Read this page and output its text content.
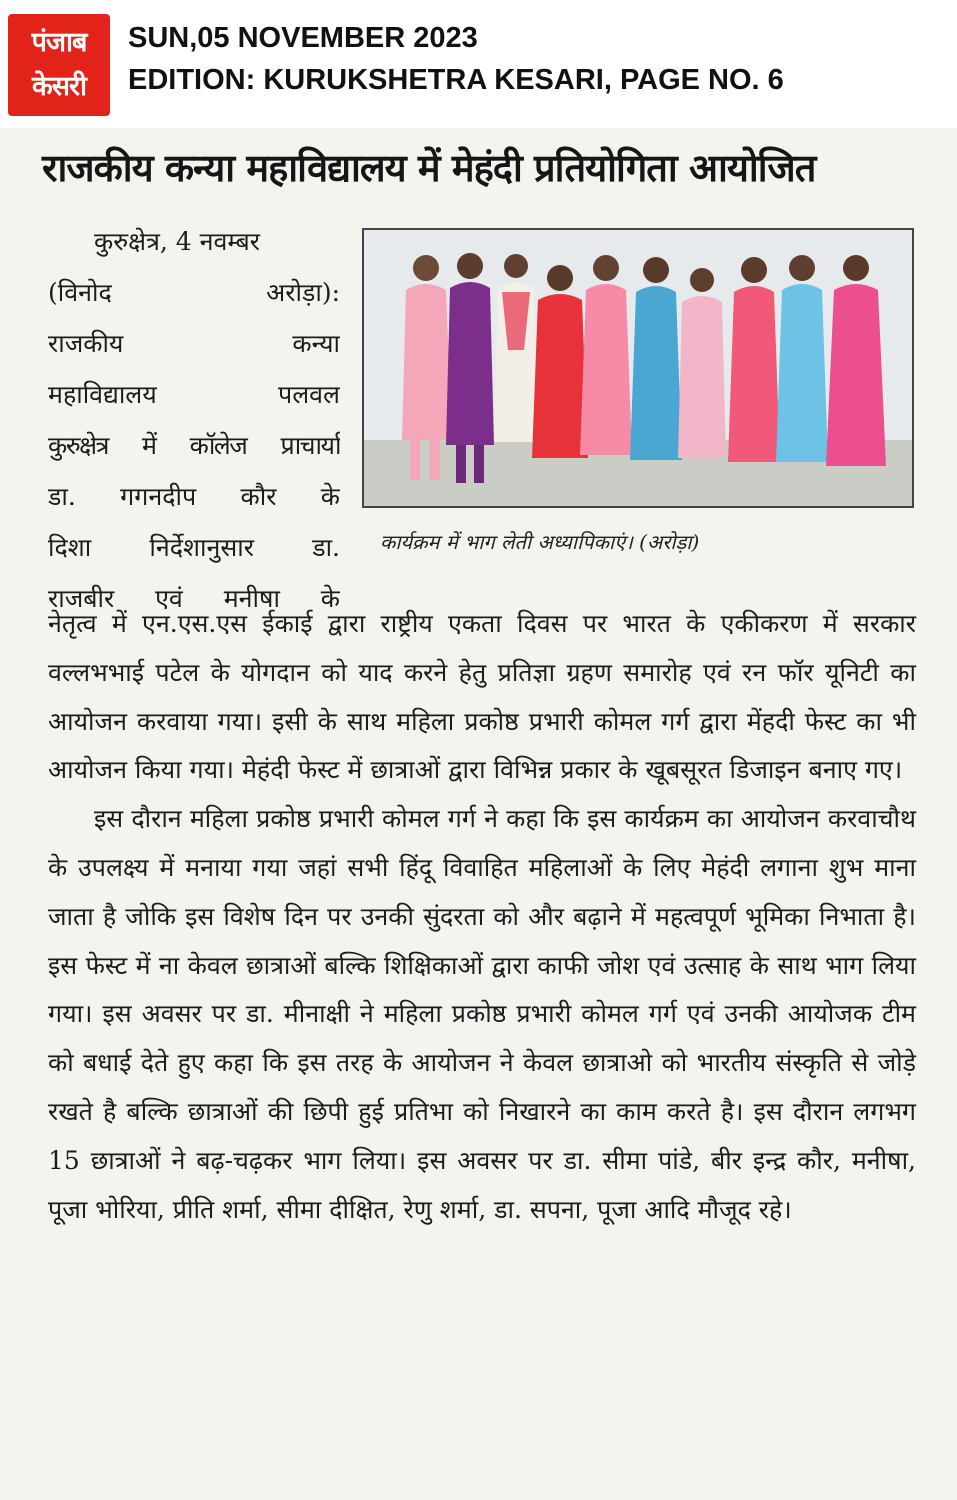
पंजाब
केसरी
SUN,05 NOVEMBER 2023
EDITION: KURUKSHETRA KESARI, PAGE NO. 6
राजकीय कन्या महाविद्यालय में मेहंदी प्रतियोगिता आयोजित
कुरुक्षेत्र, 4 नवम्बर
(विनोद अरोड़ा):
राजकीय कन्या
महाविद्यालय पलवल
कुरुक्षेत्र में कॉलेज प्राचार्या
डा. गगनदीप कौर के
दिशा निर्देशानुसार डा.
राजबीर एवं मनीषा के
कार्यक्रम में भाग लेती अध्यापिकाएं। (अरोड़ा)

नेतृत्व में एन.एस.एस ईकाई द्वारा राष्ट्रीय एकता दिवस पर भारत के एकीकरण में सरकार वल्लभभाई पटेल के योगदान को याद करने हेतु प्रतिज्ञा ग्रहण समारोह एवं रन फॉर यूनिटी का आयोजन करवाया गया। इसी के साथ महिला प्रकोष्ठ प्रभारी कोमल गर्ग द्वारा मेंहदी फेस्ट का भी आयोजन किया गया। मेहंदी फेस्ट में छात्राओं द्वारा विभिन्न प्रकार के खूबसूरत डिजाइन बनाए गए।

इस दौरान महिला प्रकोष्ठ प्रभारी कोमल गर्ग ने कहा कि इस कार्यक्रम का आयोजन करवाचौथ के उपलक्ष्य में मनाया गया जहां सभी हिंदू विवाहित महिलाओं के लिए मेहंदी लगाना शुभ माना जाता है जोकि इस विशेष दिन पर उनकी सुंदरता को और बढ़ाने में महत्वपूर्ण भूमिका निभाता है। इस फेस्ट में ना केवल छात्राओं बल्कि शिक्षिकाओं द्वारा काफी जोश एवं उत्साह के साथ भाग लिया गया। इस अवसर पर डा. मीनाक्षी ने महिला प्रकोष्ठ प्रभारी कोमल गर्ग एवं उनकी आयोजक टीम को बधाई देते हुए कहा कि इस तरह के आयोजन ने केवल छात्राओ को भारतीय संस्कृति से जोड़े रखते है बल्कि छात्राओं की छिपी हुई प्रतिभा को निखारने का काम करते है। इस दौरान लगभग 15 छात्राओं ने बढ़-चढ़कर भाग लिया। इस अवसर पर डा. सीमा पांडे, बीर इन्द्र कौर, मनीषा, पूजा भोरिया, प्रीति शर्मा, सीमा दीक्षित, रेणु शर्मा, डा. सपना, पूजा आदि मौजूद रहे।
